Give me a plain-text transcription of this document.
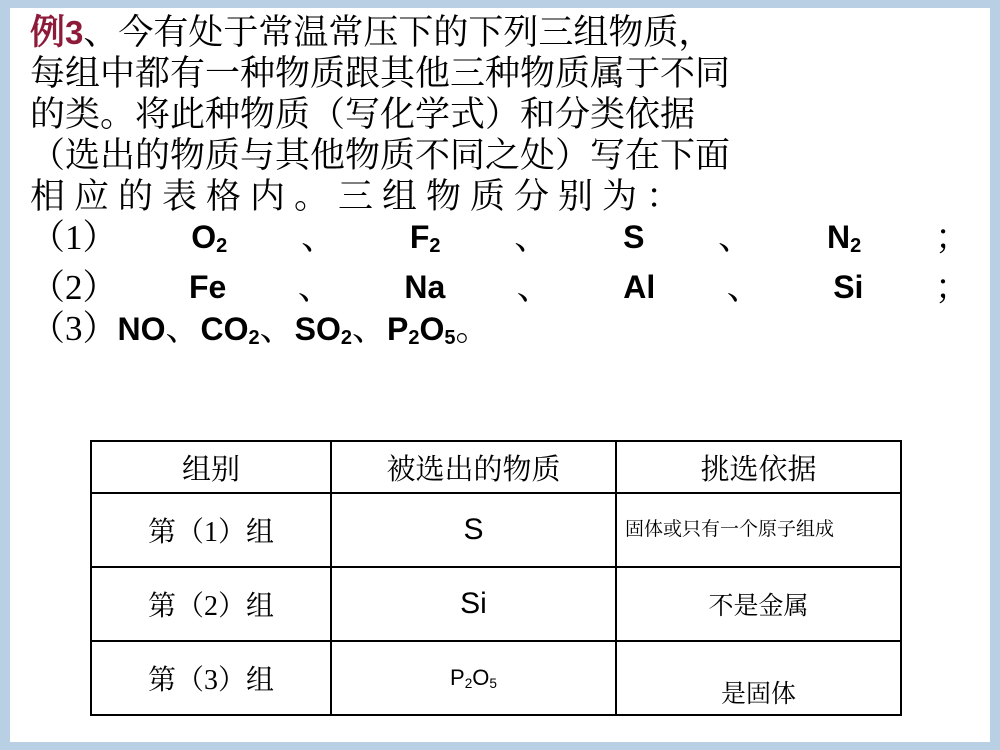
例3、今有处于常温常压下的下列三组物质，
每组中都有一种物质跟其他三种物质属于不同
的类。将此种物质（写化学式）和分类依据
（选出的物质与其他物质不同之处）写在下面
相应的表格内。三组物质分别为：
（1） $O_2$ 、 $F_2$ 、 S 、 $N_2$ ；
（2） Fe 、 Na 、 Al 、 Si ；
（3）NO、$CO_2$、$SO_2$、$P_2O_5$。
组别	被选出的物质	挑选依据
第（1）组	S	固体或只有一个原子组成
第（2）组	Si	不是金属
第（3）组	$P_2O_5$	是固体
